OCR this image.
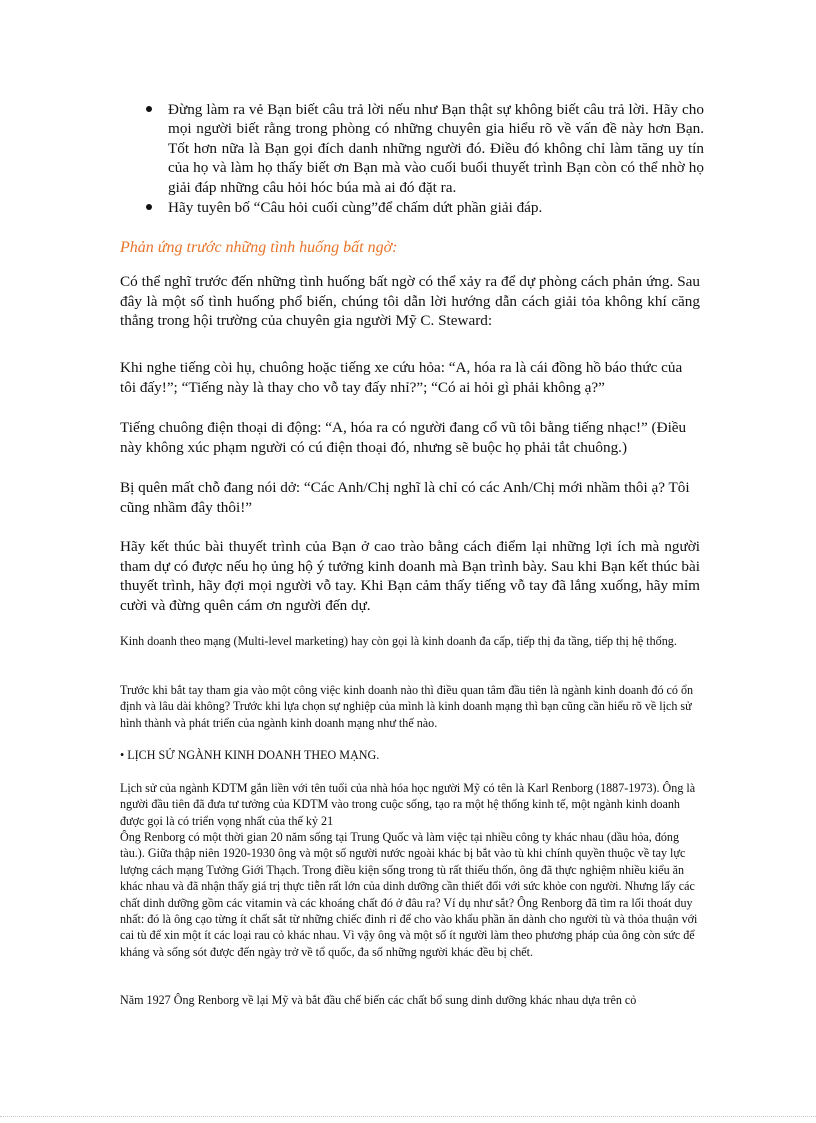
Đừng làm ra vẻ Bạn biết câu trả lời nếu như Bạn thật sự không biết câu trả lời. Hãy cho mọi người biết rằng trong phòng có những chuyên gia hiểu rõ về vấn đề này hơn Bạn. Tốt hơn nữa là Bạn gọi đích danh những người đó. Điều đó không chỉ làm tăng uy tín của họ và làm họ thấy biết ơn Bạn mà vào cuối buổi thuyết trình Bạn còn có thể nhờ họ giải đáp những câu hỏi hóc búa mà ai đó đặt ra.
Hãy tuyên bố “Câu hỏi cuối cùng”để chấm dứt phần giải đáp.
Phản ứng trước những tình huống bất ngờ:

Có thể nghĩ trước đến những tình huống bất ngờ có thể xảy ra để dự phòng cách phản ứng. Sau đây là một số tình huống phổ biến, chúng tôi dẫn lời hướng dẫn cách giải tỏa không khí căng thẳng trong hội trường của chuyên gia người Mỹ C. Steward:

Khi nghe tiếng còi hụ, chuông hoặc tiếng xe cứu hỏa: “A, hóa ra là cái đồng hồ báo thức của tôi đấy!”; “Tiếng này là thay cho vỗ tay đấy nhỉ?”; “Có ai hỏi gì phải không ạ?”

Tiếng chuông điện thoại di động: “A, hóa ra có người đang cổ vũ tôi bằng tiếng nhạc!” (Điều này không xúc phạm người có cú điện thoại đó, nhưng sẽ buộc họ phải tắt chuông.)

Bị quên mất chỗ đang nói dở: “Các Anh/Chị nghĩ là chỉ có các Anh/Chị mới nhầm thôi ạ? Tôi cũng nhầm đây thôi!”

Hãy kết thúc bài thuyết trình của Bạn ở cao trào bằng cách điểm lại những lợi ích mà người tham dự có được nếu họ ủng hộ ý tưởng kinh doanh mà Bạn trình bày. Sau khi Bạn kết thúc bài thuyết trình, hãy đợi mọi người vỗ tay. Khi Bạn cảm thấy tiếng vỗ tay đã lắng xuống, hãy mỉm cười và đừng quên cám ơn người đến dự.

Kinh doanh theo mạng (Multi-level marketing) hay còn gọi là kinh doanh đa cấp, tiếp thị đa tầng, tiếp thị hệ thống.

Trước khi bắt tay tham gia vào một công việc kinh doanh nào thì điều quan tâm đầu tiên là ngành kinh doanh đó có ổn định và lâu dài không? Trước khi lựa chọn sự nghiệp của mình là kinh doanh mạng thì bạn cũng cần hiểu rõ về lịch sử hình thành và phát triển của ngành kinh doanh mạng như thế nào.

• LỊCH SỬ NGÀNH KINH DOANH THEO MẠNG.

Lịch sử của ngành KDTM gắn liền với tên tuổi của nhà hóa học người Mỹ có tên là Karl Renborg (1887-1973). Ông là người đầu tiên đã đưa tư tưởng của KDTM vào trong cuộc sống, tạo ra một hệ thống kinh tế, một ngành kinh doanh được gọi là có triển vọng nhất của thế kỷ 21

Ông Renborg có một thời gian 20 năm sống tại Trung Quốc và làm việc tại nhiều công ty khác nhau (dầu hỏa, đóng tàu.). Giữa thập niên 1920-1930 ông và một số người nước ngoài khác bị bắt vào tù khi chính quyền thuộc về tay lực lượng cách mạng Tưởng Giới Thạch. Trong điều kiện sống trong tù rất thiếu thốn, ông đã thực nghiệm nhiều kiểu ăn khác nhau và đã nhận thấy giá trị thực tiễn rất lớn của dinh dưỡng cần thiết đối với sức khỏe con người. Nhưng lấy các chất dinh dưỡng gồm các vitamin và các khoáng chất đó ở đâu ra? Ví dụ như sắt? Ông Renborg đã tìm ra lối thoát duy nhất: đó là ông cạo từng ít chất sắt từ những chiếc đinh rỉ để cho vào khẩu phần ăn dành cho người tù và thỏa thuận với cai tù để xin một ít các loại rau cỏ khác nhau. Vì vậy ông và một số ít người làm theo phương pháp của ông còn sức để kháng và sống sót được đến ngày trở về tổ quốc, đa số những người khác đều bị chết.

Năm 1927 Ông Renborg về lại Mỹ và bắt đầu chế biến các chất bổ sung dinh dưỡng khác nhau dựa trên cỏ
